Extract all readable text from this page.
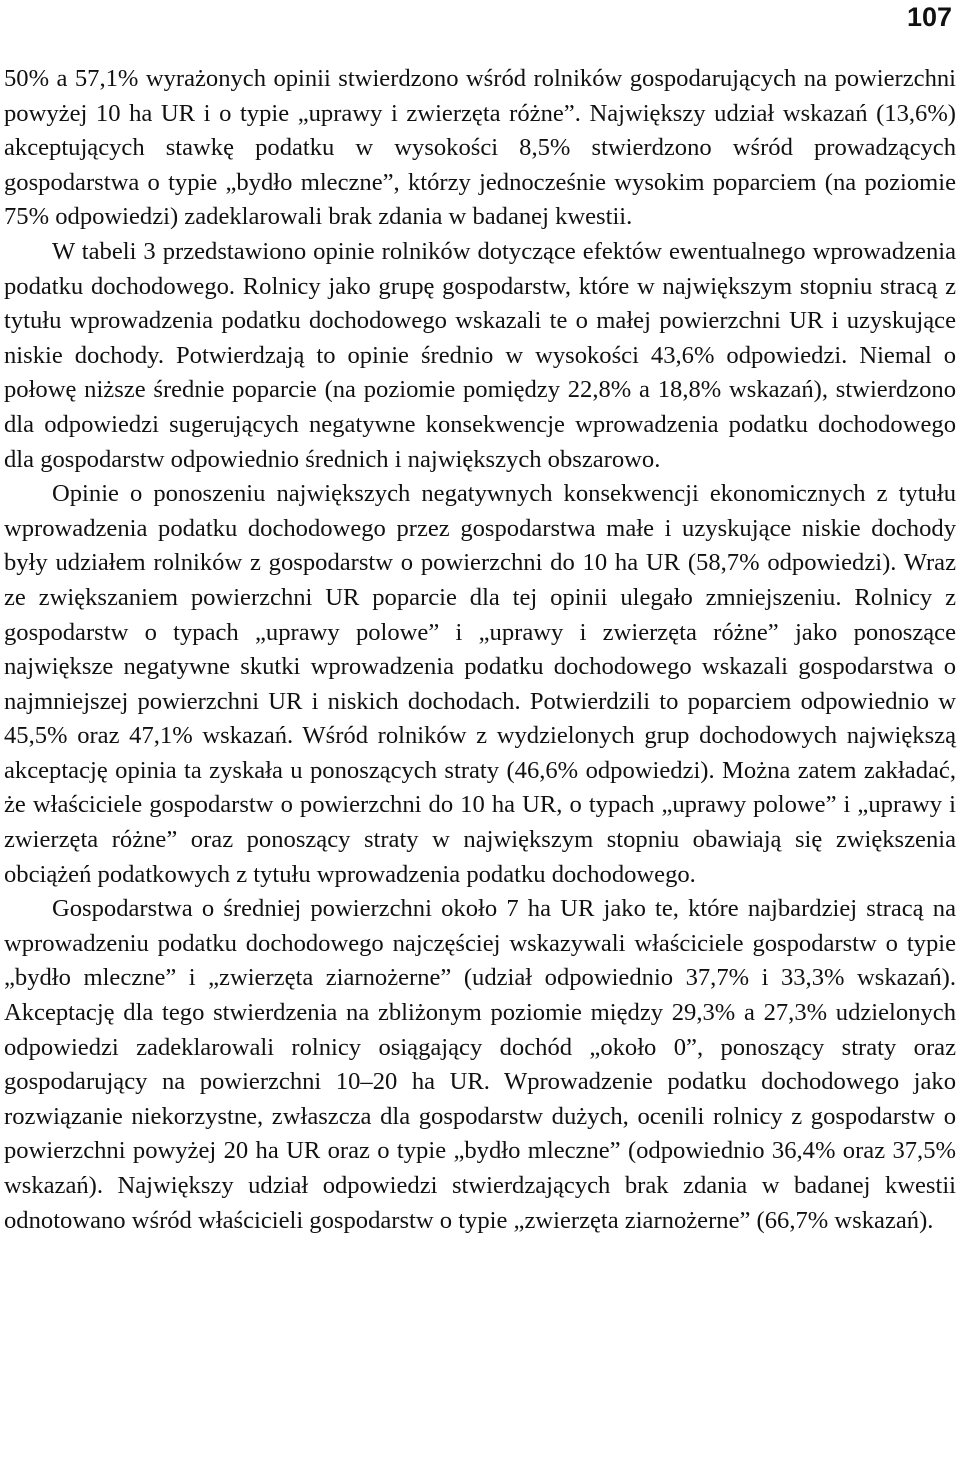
107

50% a 57,1% wyrażonych opinii stwierdzono wśród rolników gospodarujących na powierzchni powyżej 10 ha UR i o typie „uprawy i zwierzęta różne”. Największy udział wskazań (13,6%) akceptujących stawkę podatku w wysokości 8,5% stwierdzono wśród prowadzących gospodarstwa o typie „bydło mleczne”, którzy jednocześnie wysokim poparciem (na poziomie 75% odpowiedzi) zadeklarowali brak zdania w badanej kwestii.

W tabeli 3 przedstawiono opinie rolników dotyczące efektów ewentualnego wprowadzenia podatku dochodowego. Rolnicy jako grupę gospodarstw, które w największym stopniu stracą z tytułu wprowadzenia podatku dochodowego wskazali te o małej powierzchni UR i uzyskujące niskie dochody. Potwierdzają to opinie średnio w wysokości 43,6% odpowiedzi. Niemal o połowę niższe średnie poparcie (na poziomie pomiędzy 22,8% a 18,8% wskazań), stwierdzono dla odpowiedzi sugerujących negatywne konsekwencje wprowadzenia podatku dochodowego dla gospodarstw odpowiednio średnich i największych obszarowo.

Opinie o ponoszeniu największych negatywnych konsekwencji ekonomicznych z tytułu wprowadzenia podatku dochodowego przez gospodarstwa małe i uzyskujące niskie dochody były udziałem rolników z gospodarstw o powierzchni do 10 ha UR (58,7% odpowiedzi). Wraz ze zwiększaniem powierzchni UR poparcie dla tej opinii ulegało zmniejszeniu. Rolnicy z gospodarstw o typach „uprawy polowe” i „uprawy i zwierzęta różne” jako ponoszące największe negatywne skutki wprowadzenia podatku dochodowego wskazali gospodarstwa o najmniejszej powierzchni UR i niskich dochodach. Potwierdzili to poparciem odpowiednio w 45,5% oraz 47,1% wskazań. Wśród rolników z wydzielonych grup dochodowych największą akceptację opinia ta zyskała u ponoszących straty (46,6% odpowiedzi). Można zatem zakładać, że właściciele gospodarstw o powierzchni do 10 ha UR, o typach „uprawy polowe” i „uprawy i zwierzęta różne” oraz ponoszący straty w największym stopniu obawiają się zwiększenia obciążeń podatkowych z tytułu wprowadzenia podatku dochodowego.

Gospodarstwa o średniej powierzchni około 7 ha UR jako te, które najbardziej stracą na wprowadzeniu podatku dochodowego najczęściej wskazywali właściciele gospodarstw o typie „bydło mleczne” i „zwierzęta ziarnożerne” (udział odpowiednio 37,7% i 33,3% wskazań). Akceptację dla tego stwierdzenia na zbliżonym poziomie między 29,3% a 27,3% udzielonych odpowiedzi zadeklarowali rolnicy osiągający dochód „około 0”, ponoszący straty oraz gospodarujący na powierzchni 10–20 ha UR. Wprowadzenie podatku dochodowego jako rozwiązanie niekorzystne, zwłaszcza dla gospodarstw dużych, ocenili rolnicy z gospodarstw o powierzchni powyżej 20 ha UR oraz o typie „bydło mleczne” (odpowiednio 36,4% oraz 37,5% wskazań). Największy udział odpowiedzi stwierdzających brak zdania w badanej kwestii odnotowano wśród właścicieli gospodarstw o typie „zwierzęta ziarnożerne” (66,7% wskazań).
